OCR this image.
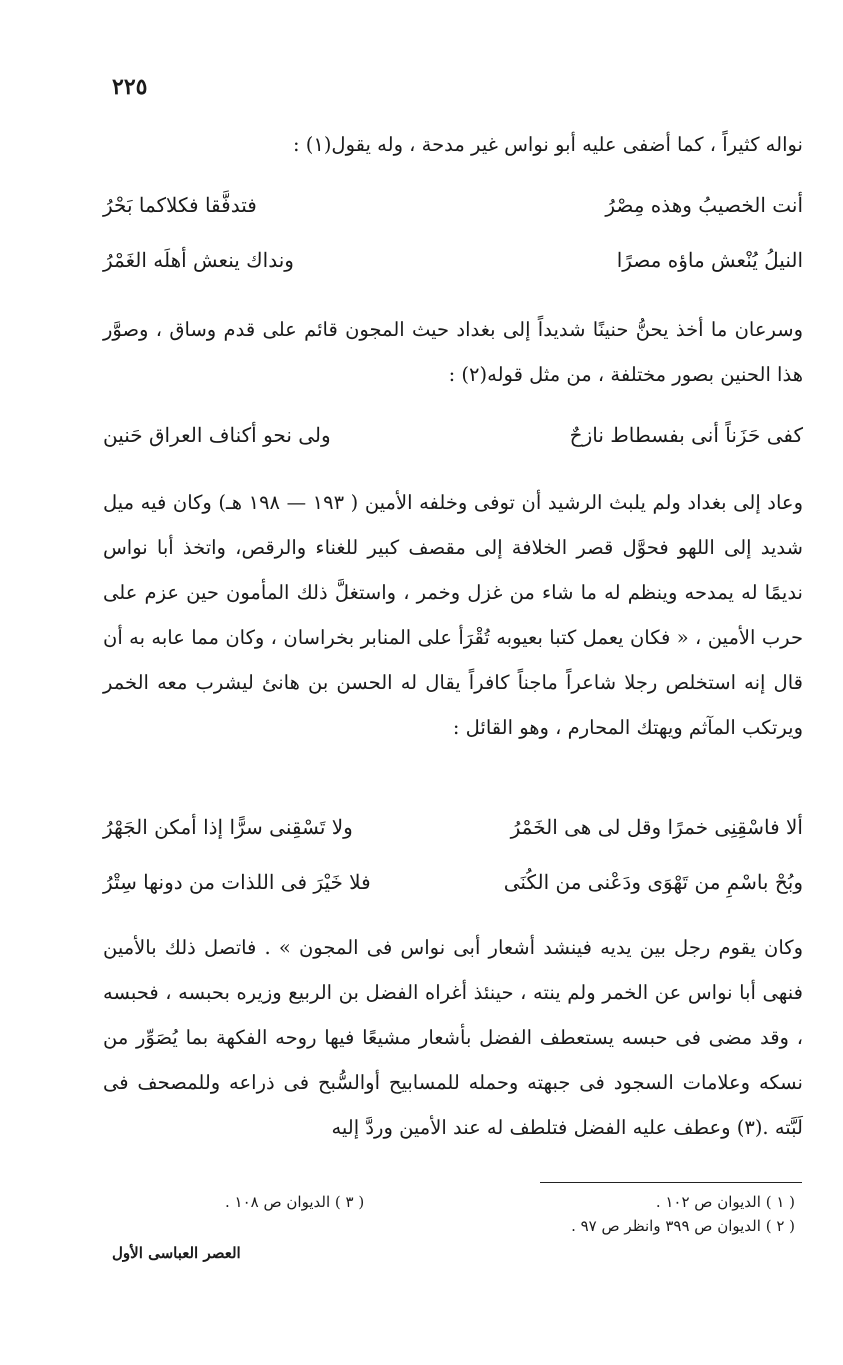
٢٢٥

نواله كثيراً ، كما أضفى عليه أبو نواس غير مدحة ، وله يقول(١) :

أنت الخصيبُ وهذه مِصْرُ
فتدفَّقا فكلاكما بَحْرُ
النيلُ يُنْعش ماؤه مصرًا
ونداك ينعش أهلَه الغَمْرُ

وسرعان ما أخذ يحنُّ حنينًا شديداً إلى بغداد حيث المجون قائم على قدم وساق ، وصوَّر هذا الحنين بصور مختلفة ، من مثل قوله(٢) :

كفى حَزَناً أنى بفسطاط نازحٌ
ولى نحو أكناف العراق حَنين

وعاد إلى بغداد ولم يلبث الرشيد أن توفى وخلفه الأمين ( ١٩٣ — ١٩٨ هـ) وكان فيه ميل شديد إلى اللهو فحوَّل قصر الخلافة إلى مقصف كبير للغناء والرقص، واتخذ أبا نواس نديمًا له يمدحه وينظم له ما شاء من غزل وخمر ، واستغلَّ ذلك المأمون حين عزم على حرب الأمين ، « فكان يعمل كتبا بعيوبه تُقْرَأ على المنابر بخراسان ، وكان مما عابه به أن قال إنه استخلص رجلا شاعراً ماجناً كافراً يقال له الحسن بن هانئ ليشرب معه الخمر ويرتكب المآثم ويهتك المحارم ، وهو القائل :

ألا فاسْقِنِى خمرًا وقل لى هى الخَمْرُ
ولا تَسْقِنى سرًّا إذا أمكن الجَهْرُ
وبُحْ باسْمِ من تَهْوَى ودَعْنى من الكُنَى
فلا خَيْرَ فى اللذات من دونها سِتْرُ

وكان يقوم رجل بين يديه فينشد أشعار أبى نواس فى المجون » . فاتصل ذلك بالأمين فنهى أبا نواس عن الخمر ولم ينته ، حينئذ أغراه الفضل بن الربيع وزيره بحبسه ، فحبسه ، وقد مضى فى حبسه يستعطف الفضل بأشعار مشيعًا فيها روحه الفكهة بما يُصَوِّر من نسكه وعلامات السجود فى جبهته وحمله للمسابيح أوالسُّبح فى ذراعه وللمصحف فى لَبَّته .(٣) وعطف عليه الفضل فتلطف له عند الأمين وردَّ إليه

( ١ ) الديوان ص ١٠٢ .
( ٢ ) الديوان ص ٣٩٩ وانظر ص ٩٧ .
( ٣ ) الديوان ص ١٠٨ .
العصر العباسى الأول
